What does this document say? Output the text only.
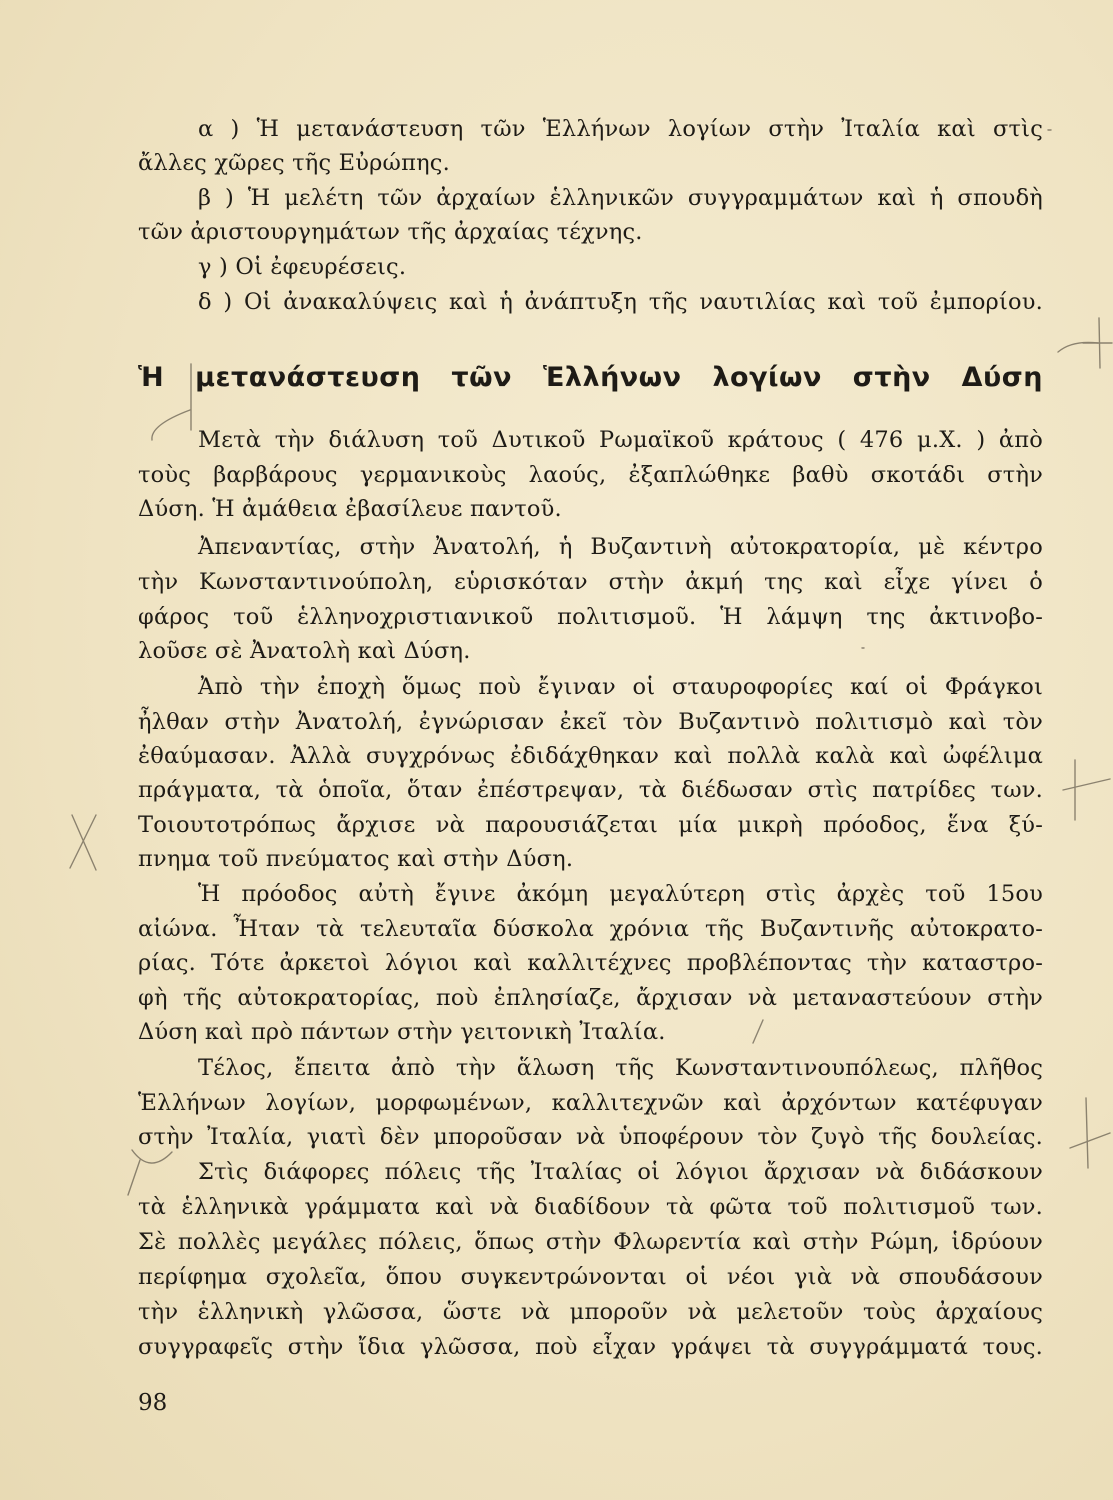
α ) Ἡ μετανάστευση τῶν Ἑλλήνων λογίων στὴν Ἰταλία καὶ στὶς
ἄλλες χῶρες τῆς Εὐρώπης.
β ) Ἡ μελέτη τῶν ἀρχαίων ἑλληνικῶν συγγραμμάτων καὶ ἡ σπουδὴ
τῶν ἀριστουργημάτων τῆς ἀρχαίας τέχνης.
γ ) Οἱ ἐφευρέσεις.
δ ) Οἱ ἀνακαλύψεις καὶ ἡ ἀνάπτυξη τῆς ναυτιλίας καὶ τοῦ ἐμπορίου.
Ἡ μετανάστευση τῶν Ἑλλήνων λογίων στὴν Δύση
Μετὰ τὴν διάλυση τοῦ Δυτικοῦ Ρωμαϊκοῦ κράτους ( 476 μ.Χ. ) ἀπὸ
τοὺς βαρβάρους γερμανικοὺς λαούς, ἐξαπλώθηκε βαθὺ σκοτάδι στὴν
Δύση. Ἡ ἀμάθεια ἐβασίλευε παντοῦ.
Ἀπεναντίας, στὴν Ἀνατολή, ἡ Βυζαντινὴ αὐτοκρατορία, μὲ κέντρο
τὴν Κωνσταντινούπολη, εὑρισκόταν στὴν ἀκμή της καὶ εἶχε γίνει ὁ
φάρος τοῦ ἑλληνοχριστιανικοῦ πολιτισμοῦ. Ἡ λάμψη της ἀκτινοβο-
λοῦσε σὲ Ἀνατολὴ καὶ Δύση.
Ἀπὸ τὴν ἐποχὴ ὅμως ποὺ ἔγιναν οἱ σταυροφορίες καί οἱ Φράγκοι
ἦλθαν στὴν Ἀνατολή, ἐγνώρισαν ἐκεῖ τὸν Βυζαντινὸ πολιτισμὸ καὶ τὸν
ἐθαύμασαν. Ἀλλὰ συγχρόνως ἐδιδάχθηκαν καὶ πολλὰ καλὰ καὶ ὠφέλιμα
πράγματα, τὰ ὁποῖα, ὅταν ἐπέστρεψαν, τὰ διέδωσαν στὶς πατρίδες των.
Τοιουτοτρόπως ἄρχισε νὰ παρουσιάζεται μία μικρὴ πρόοδος, ἕνα ξύ-
πνημα τοῦ πνεύματος καὶ στὴν Δύση.
Ἡ πρόοδος αὐτὴ ἔγινε ἀκόμη μεγαλύτερη στὶς ἀρχὲς τοῦ 15ου
αἰώνα. Ἦταν τὰ τελευταῖα δύσκολα χρόνια τῆς Βυζαντινῆς αὐτοκρατο-
ρίας. Τότε ἀρκετοὶ λόγιοι καὶ καλλιτέχνες προβλέποντας τὴν καταστρο-
φὴ τῆς αὐτοκρατορίας, ποὺ ἐπλησίαζε, ἄρχισαν νὰ μεταναστεύουν στὴν
Δύση καὶ πρὸ πάντων στὴν γειτονικὴ Ἰταλία.
Τέλος, ἔπειτα ἀπὸ τὴν ἅλωση τῆς Κωνσταντινουπόλεως, πλῆθος
Ἑλλήνων λογίων, μορφωμένων, καλλιτεχνῶν καὶ ἀρχόντων κατέφυγαν
στὴν Ἰταλία, γιατὶ δὲν μποροῦσαν νὰ ὑποφέρουν τὸν ζυγὸ τῆς δουλείας.
Στὶς διάφορες πόλεις τῆς Ἰταλίας οἱ λόγιοι ἄρχισαν νὰ διδάσκουν
τὰ ἑλληνικὰ γράμματα καὶ νὰ διαδίδουν τὰ φῶτα τοῦ πολιτισμοῦ των.
Σὲ πολλὲς μεγάλες πόλεις, ὅπως στὴν Φλωρεντία καὶ στὴν Ρώμη, ἱδρύουν
περίφημα σχολεῖα, ὅπου συγκεντρώνονται οἱ νέοι γιὰ νὰ σπουδάσουν
τὴν ἑλληνικὴ γλῶσσα, ὥστε νὰ μποροῦν νὰ μελετοῦν τοὺς ἀρχαίους
συγγραφεῖς στὴν ἴδια γλῶσσα, ποὺ εἶχαν γράψει τὰ συγγράμματά τους.
98
